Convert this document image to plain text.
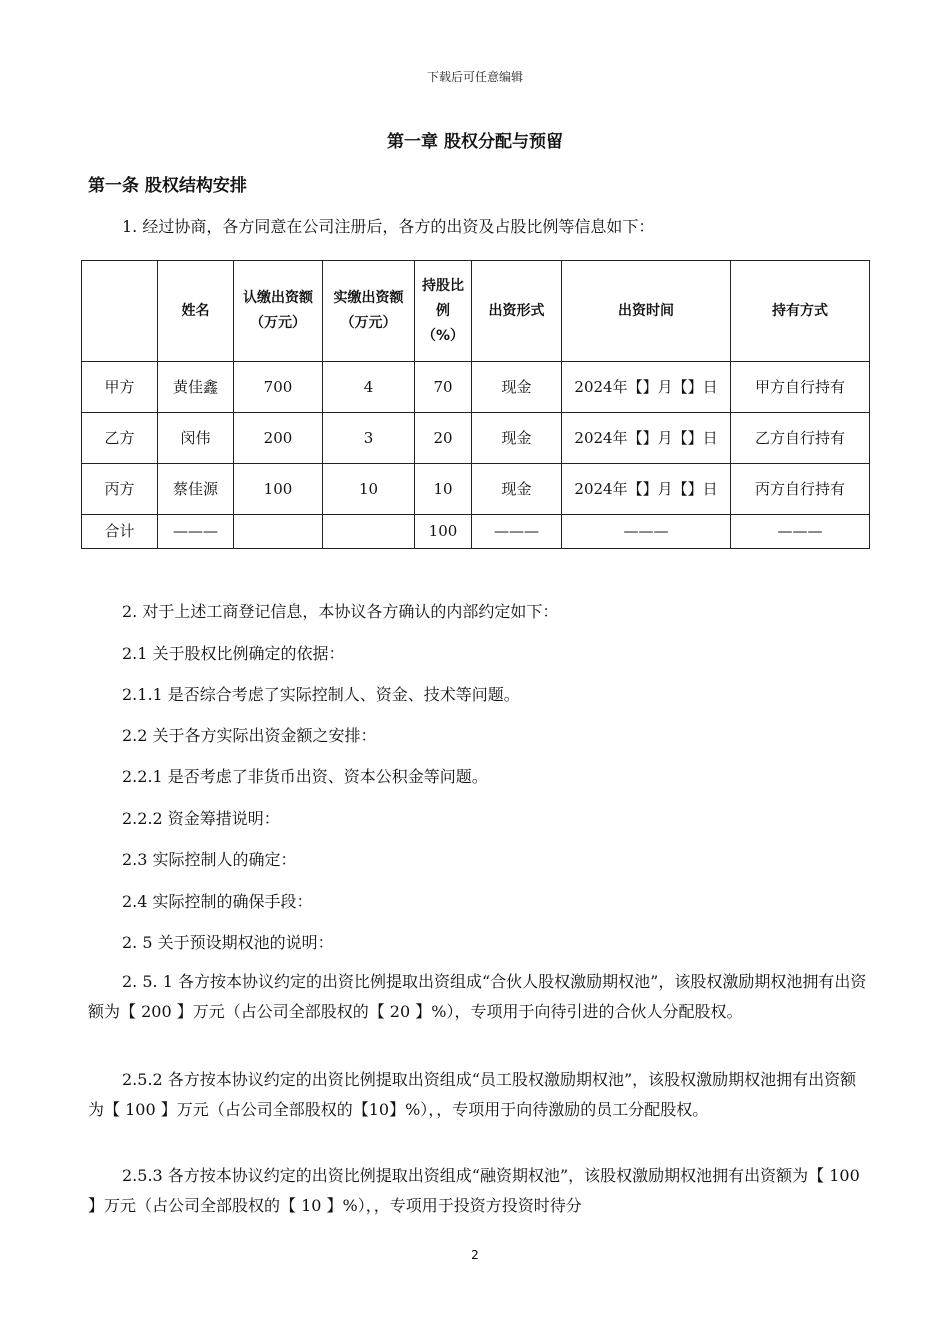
下载后可任意编辑
第一章 股权分配与预留
第一条 股权结构安排
1. 经过协商，各方同意在公司注册后，各方的出资及占股比例等信息如下：
	姓名	认缴出资额（万元）	实缴出资额（万元）	持股比例（%）	出资形式	出资时间	持有方式
甲方	黄佳鑫	700	4	70	现金	2024年【】月【】日	甲方自行持有
乙方	闵伟	200	3	20	现金	2024年【】月【】日	乙方自行持有
丙方	蔡佳源	100	10	10	现金	2024年【】月【】日	丙方自行持有
合计	———			100	———	———	———
2. 对于上述工商登记信息，本协议各方确认的内部约定如下：
2.1 关于股权比例确定的依据：
2.1.1 是否综合考虑了实际控制人、资金、技术等问题。
2.2 关于各方实际出资金额之安排：
2.2.1 是否考虑了非货币出资、资本公积金等问题。
2.2.2 资金筹措说明：
2.3 实际控制人的确定：
2.4 实际控制的确保手段：
2. 5 关于预设期权池的说明：
2. 5. 1 各方按本协议约定的出资比例提取出资组成“合伙人股权激励期权池”，该股权激励期权池拥有出资额为【 200 】万元（占公司全部股权的【 20 】%），专项用于向待引进的合伙人分配股权。
2.5.2 各方按本协议约定的出资比例提取出资组成“员工股权激励期权池”，该股权激励期权池拥有出资额为【 100 】万元（占公司全部股权的【10】%），，专项用于向待激励的员工分配股权。
2.5.3 各方按本协议约定的出资比例提取出资组成“融资期权池”，该股权激励期权池拥有出资额为【 100 】万元（占公司全部股权的【 10 】%），，专项用于投资方投资时待分
2
